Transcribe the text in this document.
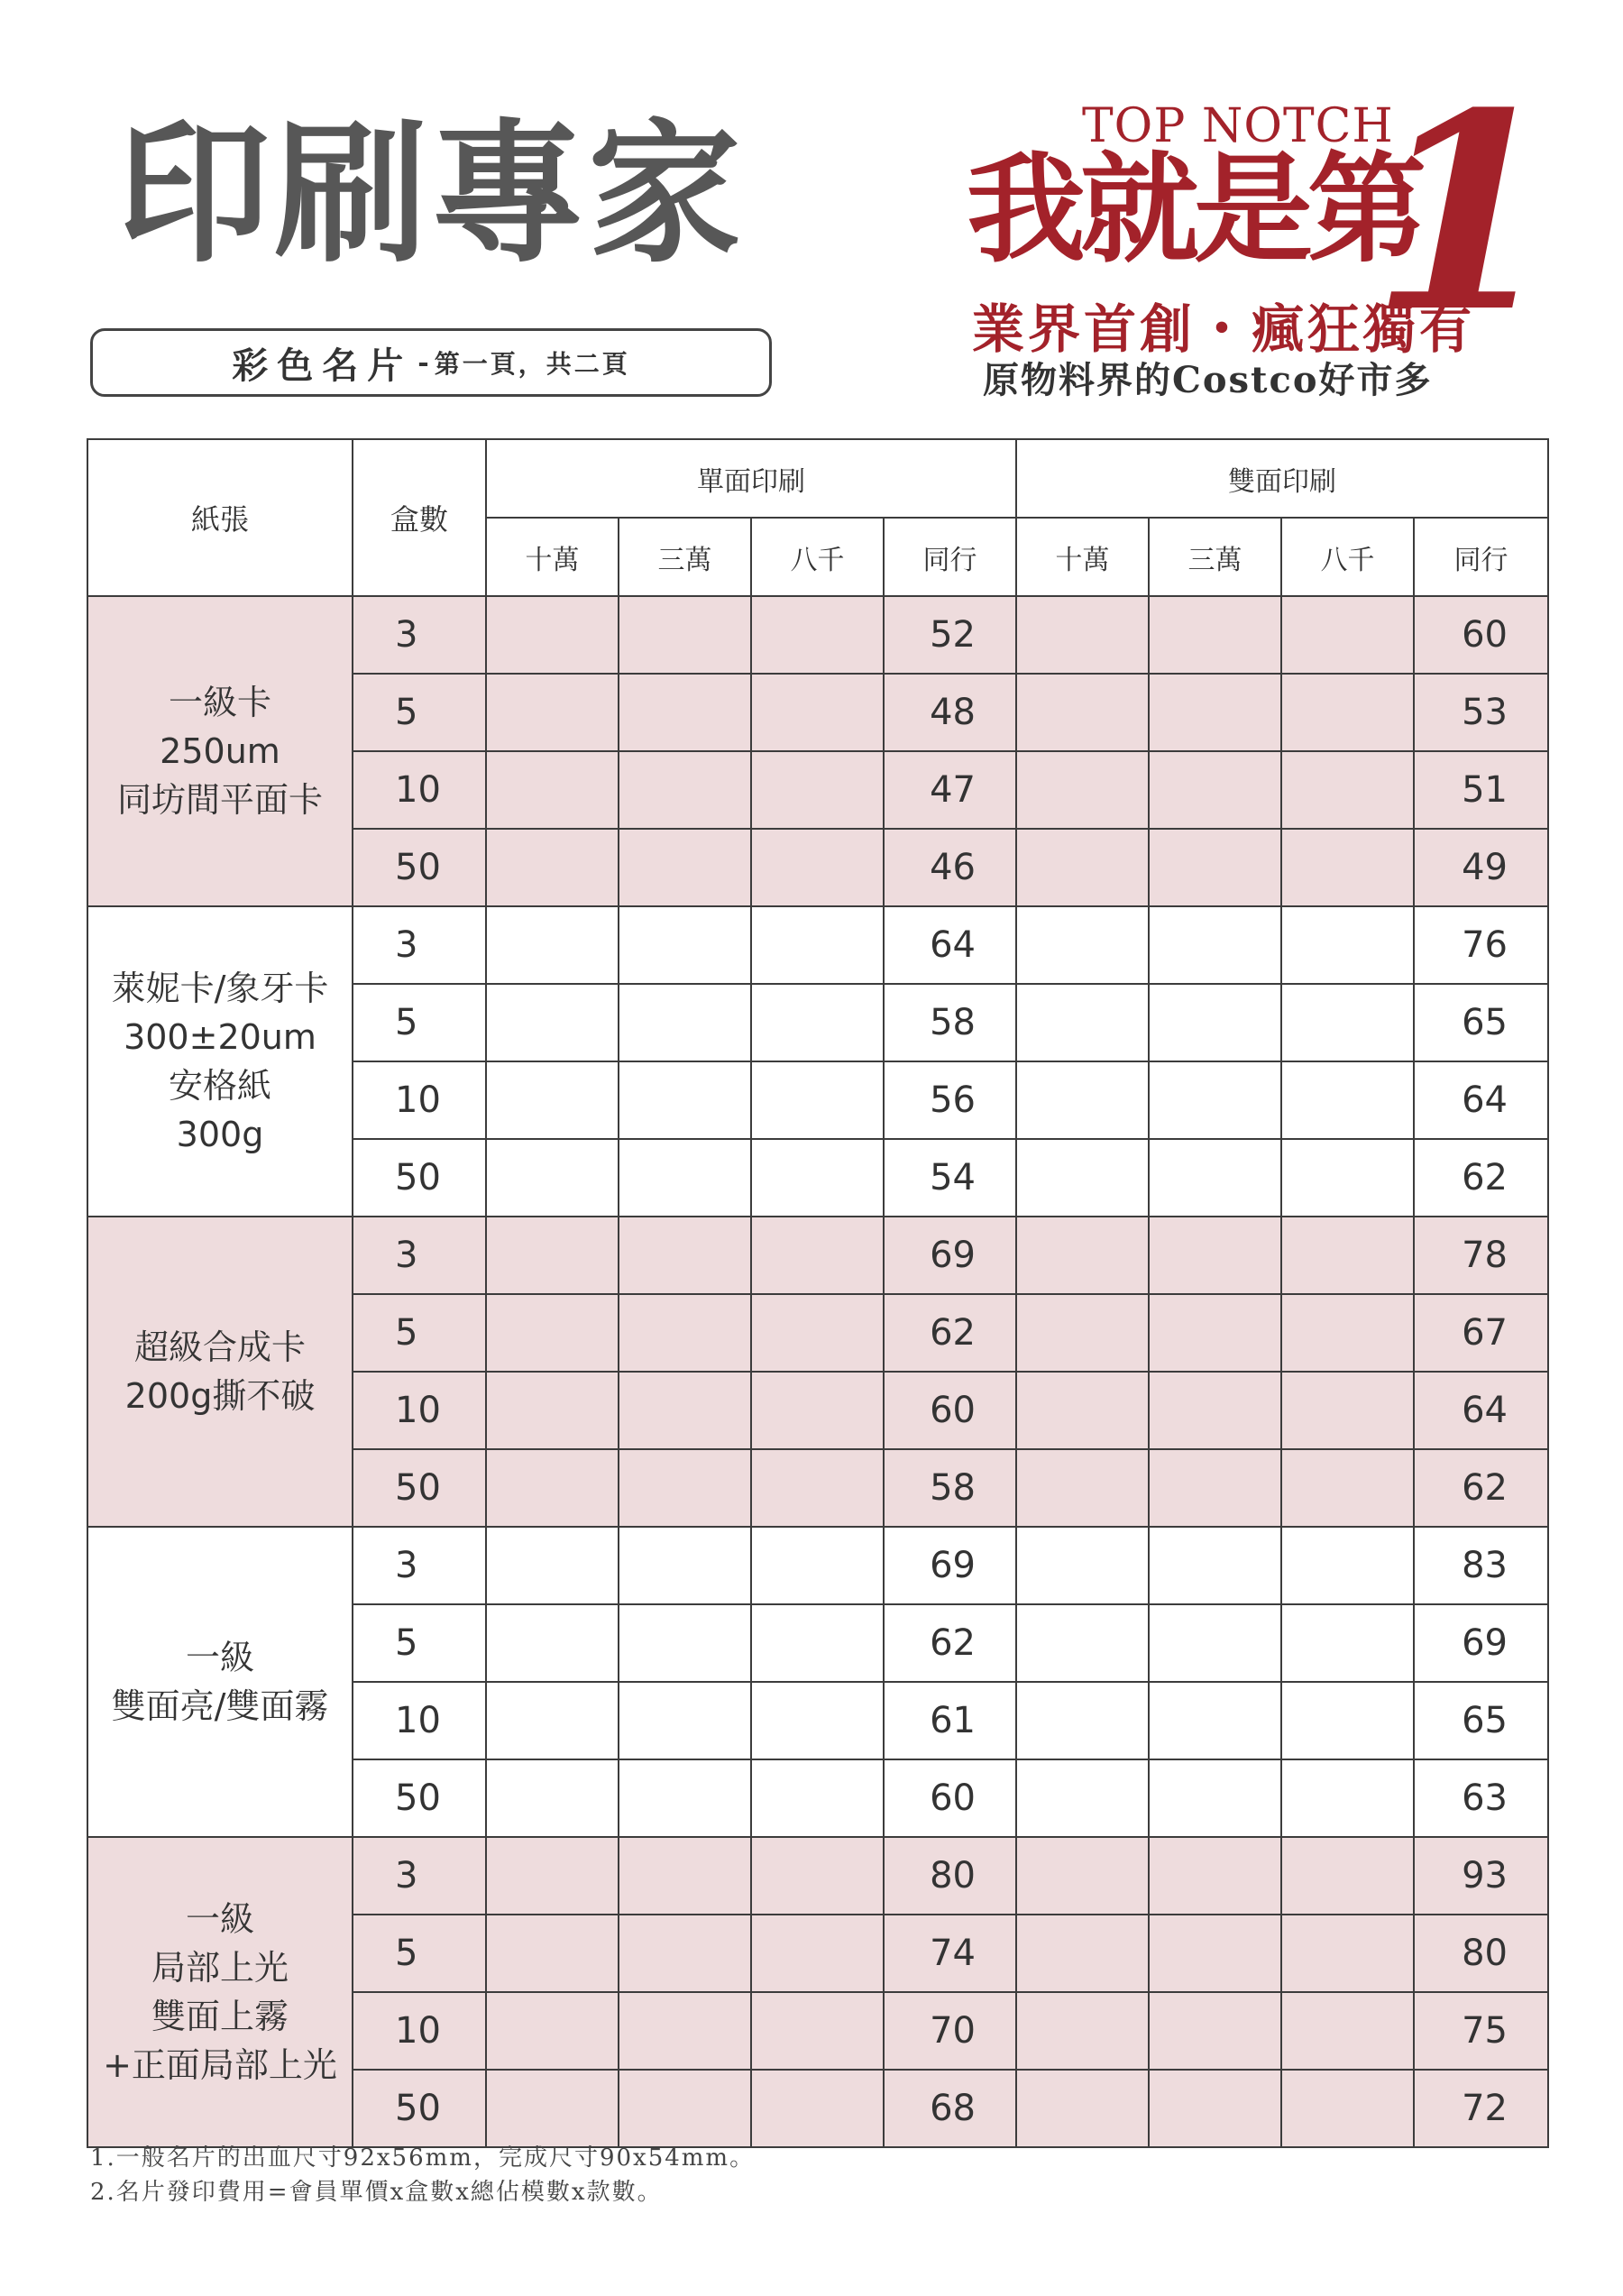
印刷專家
彩色名片 - 第一頁，共二頁
TOP NOTCH
我就是第
1
業界首創・瘋狂獨有
原物料界的Costco好市多
紙張	盒數	單面印刷				雙面印刷			
		十萬	三萬	八千	同行	十萬	三萬	八千	同行

一級卡
250um
同坊間平面卡	3				52				60
	5				48				53
	10				47				51
	50				46				49

萊妮卡/象牙卡
300±20um
安格紙
300g	3				64				76
	5				58				65
	10				56				64
	50				54				62

超級合成卡
200g撕不破	3				69				78
	5				62				67
	10				60				64
	50				58				62

一級
雙面亮/雙面霧	3				69				83
	5				62				69
	10				61				65
	50				60				63

一級
局部上光
雙面上霧
+正面局部上光	3				80				93
	5				74				80
	10				70				75
	50				68				72
1.一般名片的出血尺寸92x56mm，完成尺寸90x54mm。
2.名片發印費用=會員單價x盒數x總佔模數x款數。
